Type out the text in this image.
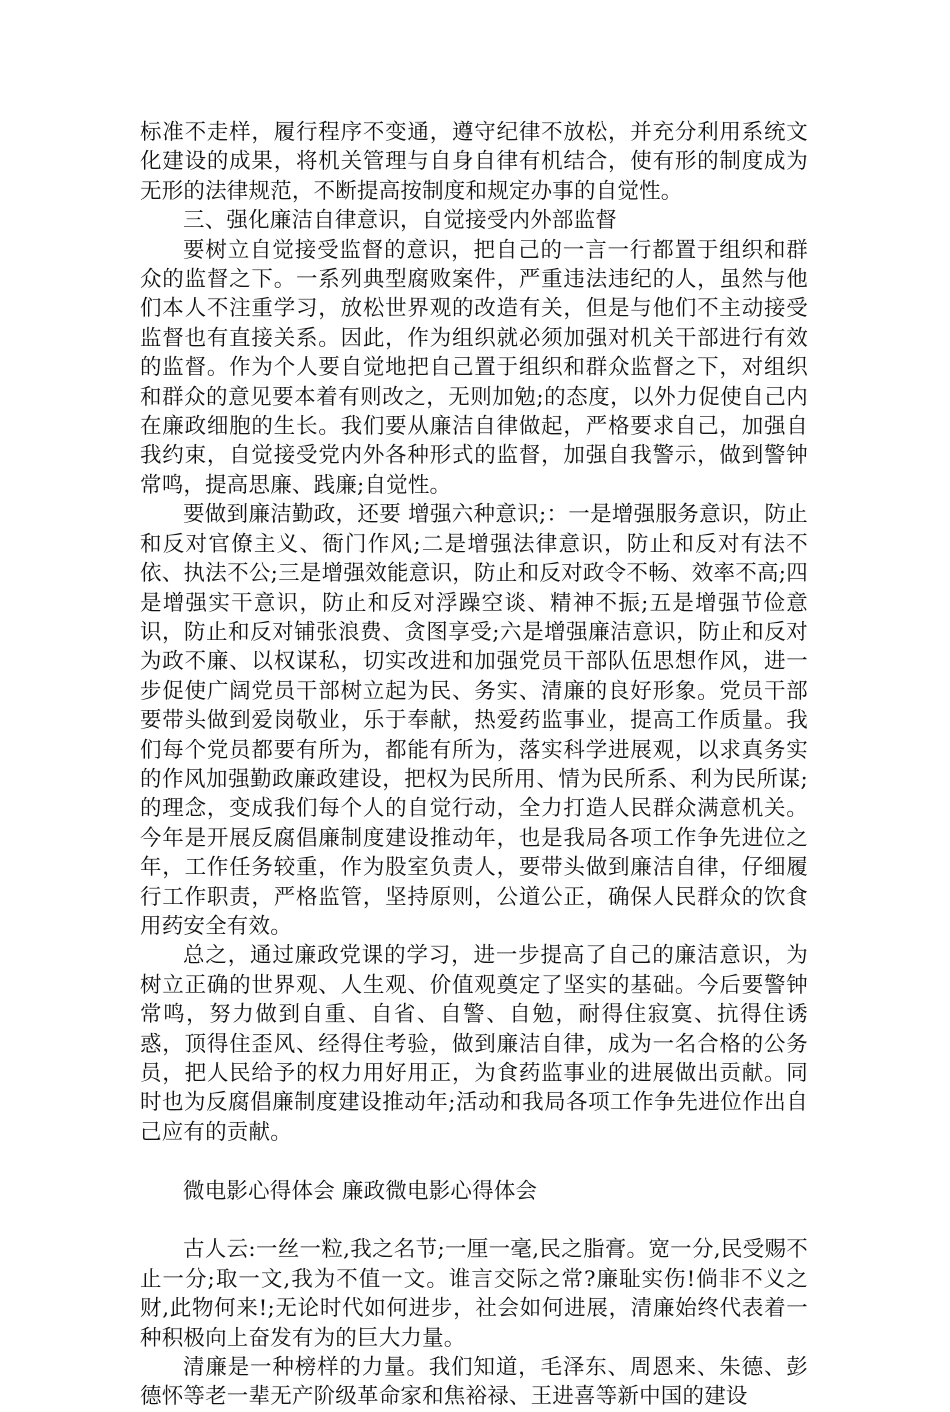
标准不走样，履行程序不变通，遵守纪律不放松，并充分利用系统文化建设的成果，将机关管理与自身自律有机结合，使有形的制度成为无形的法律规范，不断提高按制度和规定办事的自觉性。

三、强化廉洁自律意识，自觉接受内外部监督

要树立自觉接受监督的意识，把自己的一言一行都置于组织和群众的监督之下。一系列典型腐败案件，严重违法违纪的人，虽然与他们本人不注重学习，放松世界观的改造有关，但是与他们不主动接受监督也有直接关系。因此，作为组织就必须加强对机关干部进行有效的监督。作为个人要自觉地把自己置于组织和群众监督之下，对组织和群众的意见要本着有则改之，无则加勉;的态度，以外力促使自己内在廉政细胞的生长。我们要从廉洁自律做起，严格要求自己，加强自我约束，自觉接受党内外各种形式的监督，加强自我警示，做到警钟常鸣，提高思廉、践廉;自觉性。

要做到廉洁勤政，还要 增强六种意识;：一是增强服务意识，防止和反对官僚主义、衙门作风;二是增强法律意识，防止和反对有法不依、执法不公;三是增强效能意识，防止和反对政令不畅、效率不高;四是增强实干意识，防止和反对浮躁空谈、精神不振;五是增强节俭意识，防止和反对铺张浪费、贪图享受;六是增强廉洁意识，防止和反对为政不廉、以权谋私，切实改进和加强党员干部队伍思想作风，进一步促使广阔党员干部树立起为民、务实、清廉的良好形象。党员干部要带头做到爱岗敬业，乐于奉献，热爱药监事业，提高工作质量。我们每个党员都要有所为，都能有所为，落实科学进展观，以求真务实的作风加强勤政廉政建设，把权为民所用、情为民所系、利为民所谋;的理念，变成我们每个人的自觉行动，全力打造人民群众满意机关。今年是开展反腐倡廉制度建设推动年，也是我局各项工作争先进位之年，工作任务较重，作为股室负责人，要带头做到廉洁自律，仔细履行工作职责，严格监管，坚持原则，公道公正，确保人民群众的饮食用药安全有效。

总之，通过廉政党课的学习，进一步提高了自己的廉洁意识，为树立正确的世界观、人生观、价值观奠定了坚实的基础。今后要警钟常鸣，努力做到自重、自省、自警、自勉，耐得住寂寞、抗得住诱惑，顶得住歪风、经得住考验，做到廉洁自律，成为一名合格的公务员，把人民给予的权力用好用正，为食药监事业的进展做出贡献。同时也为反腐倡廉制度建设推动年;活动和我局各项工作争先进位作出自己应有的贡献。

微电影心得体会 廉政微电影心得体会

古人云:一丝一粒,我之名节;一厘一毫,民之脂膏。宽一分,民受赐不止一分;取一文,我为不值一文。谁言交际之常?廉耻实伤!倘非不义之财,此物何来!;无论时代如何进步，社会如何进展，清廉始终代表着一种积极向上奋发有为的巨大力量。

清廉是一种榜样的力量。我们知道，毛泽东、周恩来、朱德、彭德怀等老一辈无产阶级革命家和焦裕禄、王进喜等新中国的建设
